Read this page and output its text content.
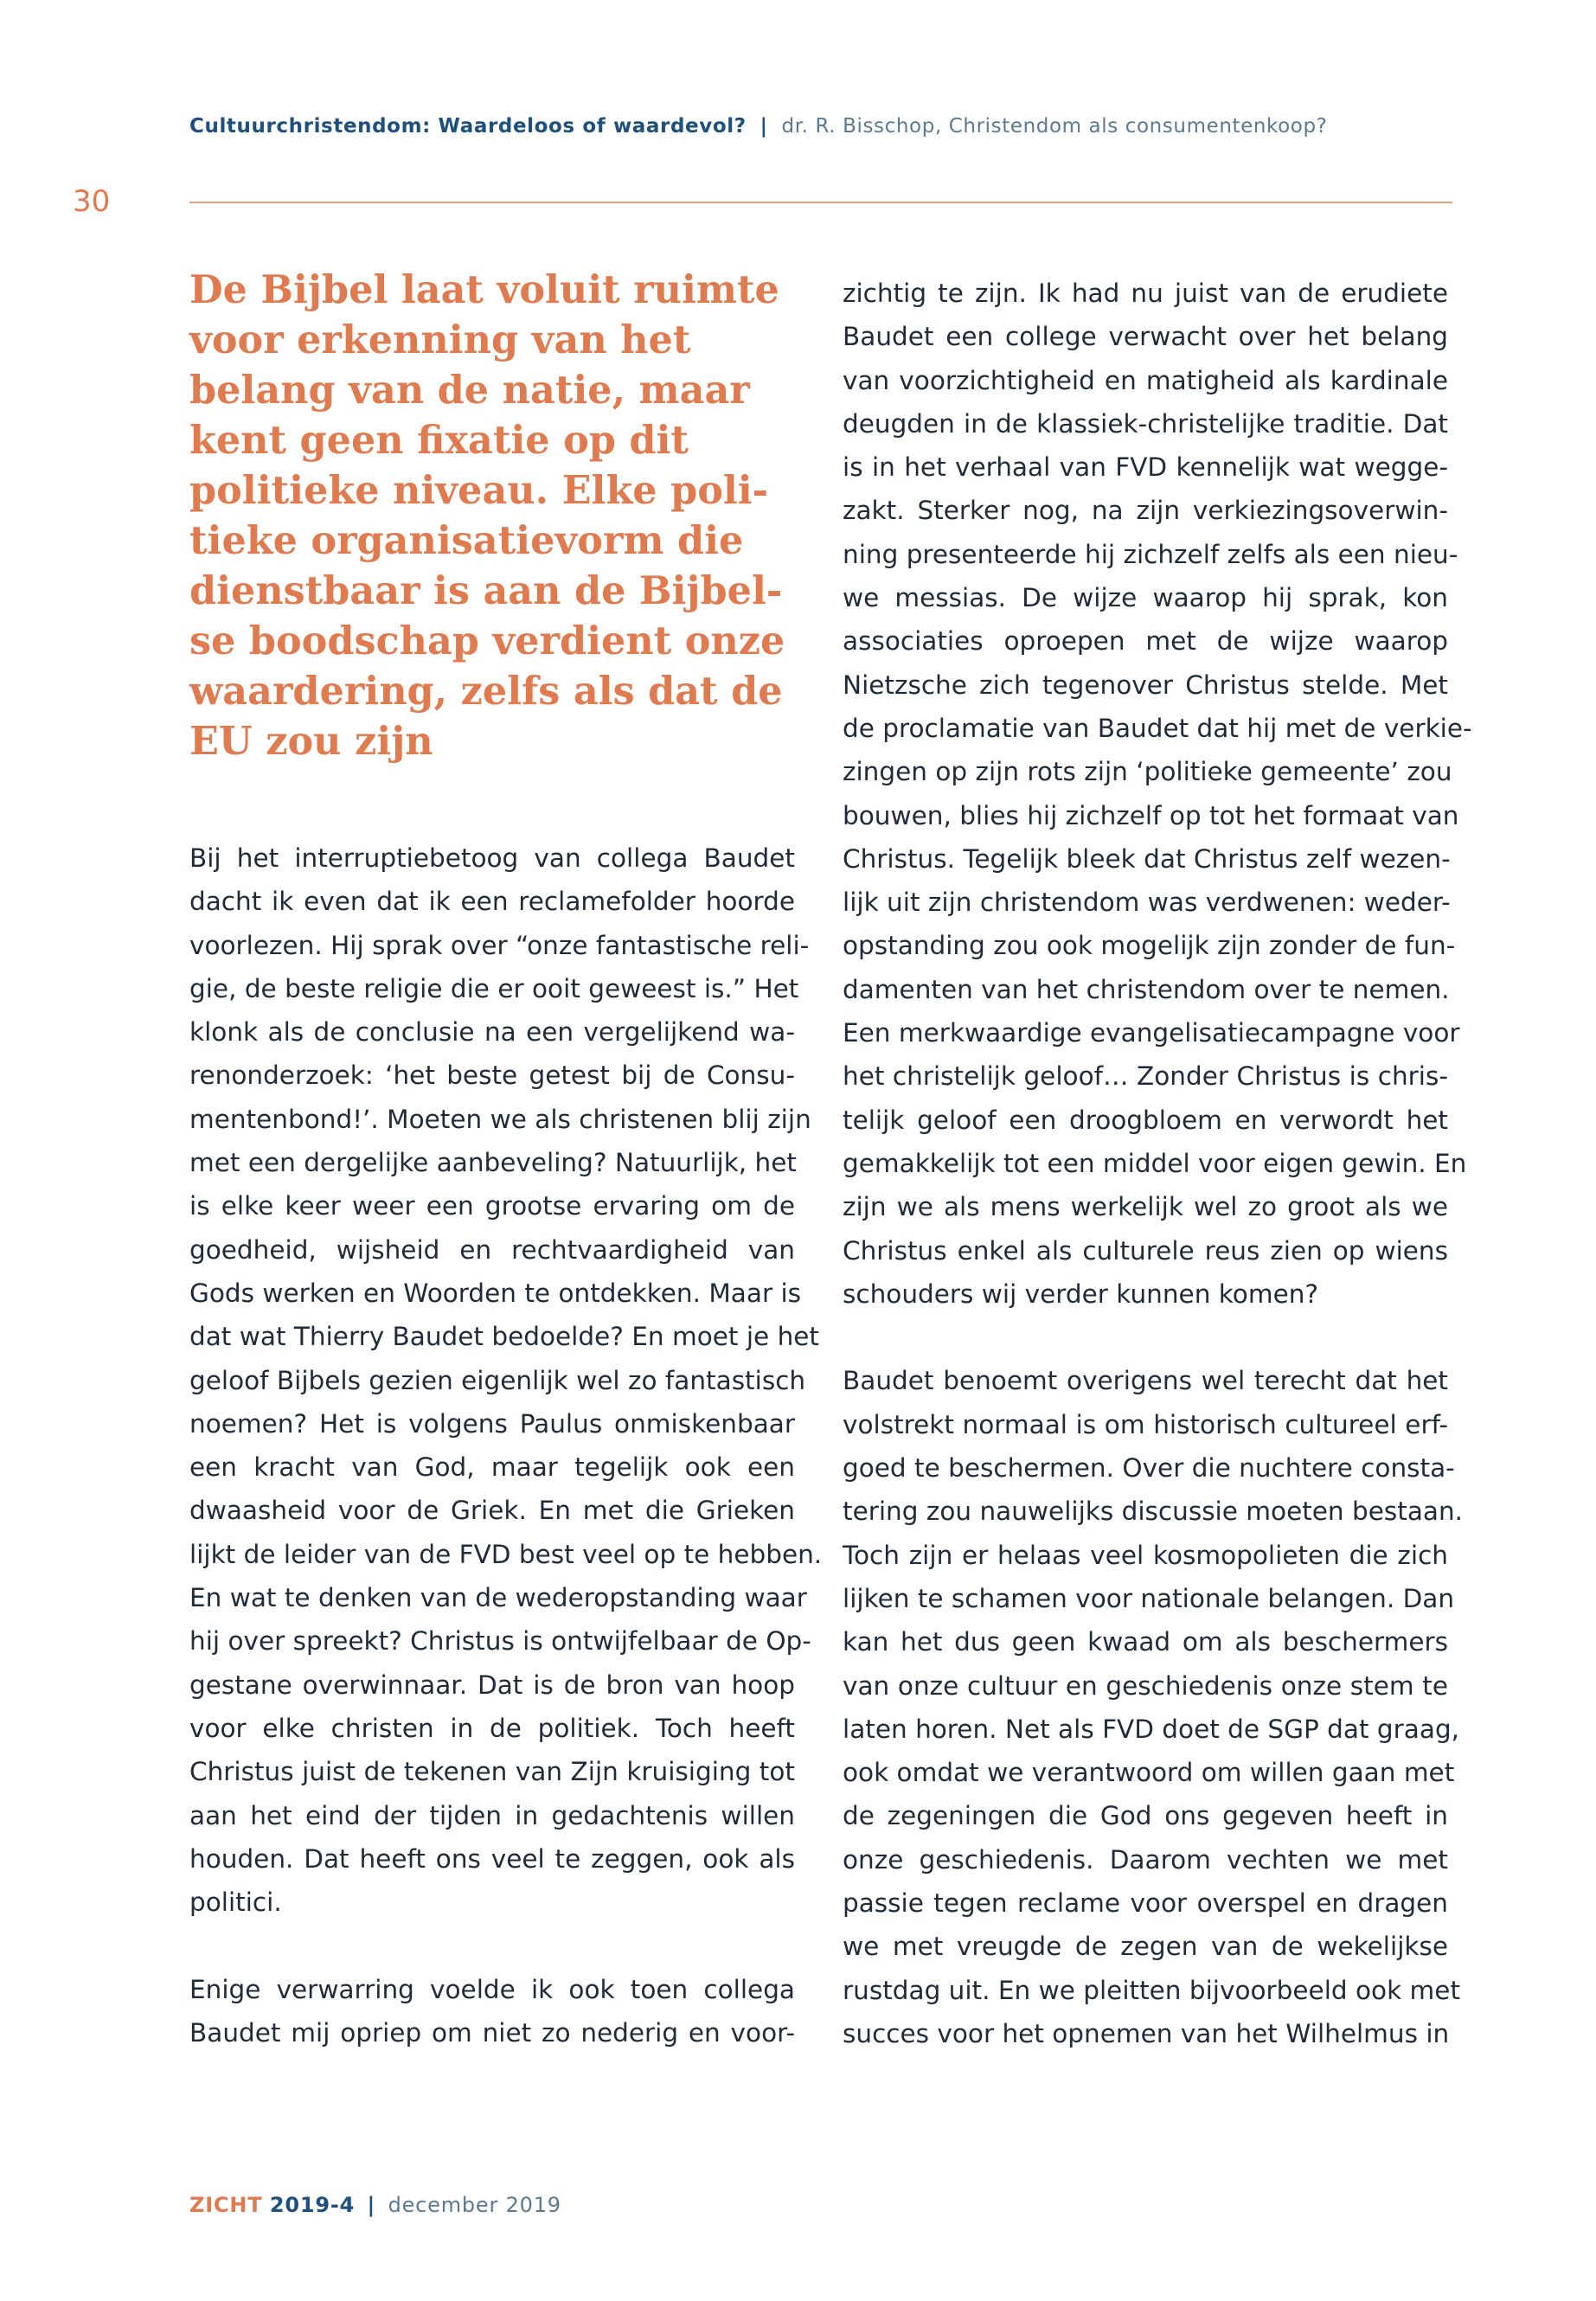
Cultuurchristendom: Waardeloos of waardevol? | dr. R. Bisschop, Christendom als consumentenkoop?
30
De Bijbel laat voluit ruimte
voor erkenning van het
belang van de natie, maar
kent geen fixatie op dit
politieke niveau. Elke poli-
tieke organisatievorm die
dienstbaar is aan de Bijbel-
se boodschap verdient onze
waardering, zelfs als dat de
EU zou zijn
Bij het interruptiebetoog van collega Baudet
dacht ik even dat ik een reclamefolder hoorde
voorlezen. Hij sprak over “onze fantastische reli-
gie, de beste religie die er ooit geweest is.” Het
klonk als de conclusie na een vergelijkend wa-
renonderzoek: ‘het beste getest bij de Consu-
mentenbond!’. Moeten we als christenen blij zijn
met een dergelijke aanbeveling? Natuurlijk, het
is elke keer weer een grootse ervaring om de
goedheid, wijsheid en rechtvaardigheid van
Gods werken en Woorden te ontdekken. Maar is
dat wat Thierry Baudet bedoelde? En moet je het
geloof Bijbels gezien eigenlijk wel zo fantastisch
noemen? Het is volgens Paulus onmiskenbaar
een kracht van God, maar tegelijk ook een
dwaasheid voor de Griek. En met die Grieken
lijkt de leider van de FVD best veel op te hebben.
En wat te denken van de wederopstanding waar
hij over spreekt? Christus is ontwijfelbaar de Op-
gestane overwinnaar. Dat is de bron van hoop
voor elke christen in de politiek. Toch heeft
Christus juist de tekenen van Zijn kruisiging tot
aan het eind der tijden in gedachtenis willen
houden. Dat heeft ons veel te zeggen, ook als
politici.
Enige verwarring voelde ik ook toen collega
Baudet mij opriep om niet zo nederig en voor-
zichtig te zijn. Ik had nu juist van de erudiete
Baudet een college verwacht over het belang
van voorzichtigheid en matigheid als kardinale
deugden in de klassiek-christelijke traditie. Dat
is in het verhaal van FVD kennelijk wat wegge-
zakt. Sterker nog, na zijn verkiezingsoverwin-
ning presenteerde hij zichzelf zelfs als een nieu-
we messias. De wijze waarop hij sprak, kon
associaties oproepen met de wijze waarop
Nietzsche zich tegenover Christus stelde. Met
de proclamatie van Baudet dat hij met de verkie-
zingen op zijn rots zijn ‘politieke gemeente’ zou
bouwen, blies hij zichzelf op tot het formaat van
Christus. Tegelijk bleek dat Christus zelf wezen-
lijk uit zijn christendom was verdwenen: weder-
opstanding zou ook mogelijk zijn zonder de fun-
damenten van het christendom over te nemen.
Een merkwaardige evangelisatiecampagne voor
het christelijk geloof… Zonder Christus is chris-
telijk geloof een droogbloem en verwordt het
gemakkelijk tot een middel voor eigen gewin. En
zijn we als mens werkelijk wel zo groot als we
Christus enkel als culturele reus zien op wiens
schouders wij verder kunnen komen?
Baudet benoemt overigens wel terecht dat het
volstrekt normaal is om historisch cultureel erf-
goed te beschermen. Over die nuchtere consta-
tering zou nauwelijks discussie moeten bestaan.
Toch zijn er helaas veel kosmopolieten die zich
lijken te schamen voor nationale belangen. Dan
kan het dus geen kwaad om als beschermers
van onze cultuur en geschiedenis onze stem te
laten horen. Net als FVD doet de SGP dat graag,
ook omdat we verantwoord om willen gaan met
de zegeningen die God ons gegeven heeft in
onze geschiedenis. Daarom vechten we met
passie tegen reclame voor overspel en dragen
we met vreugde de zegen van de wekelijkse
rustdag uit. En we pleitten bijvoorbeeld ook met
succes voor het opnemen van het Wilhelmus in
ZICHT 2019-4 | december 2019
